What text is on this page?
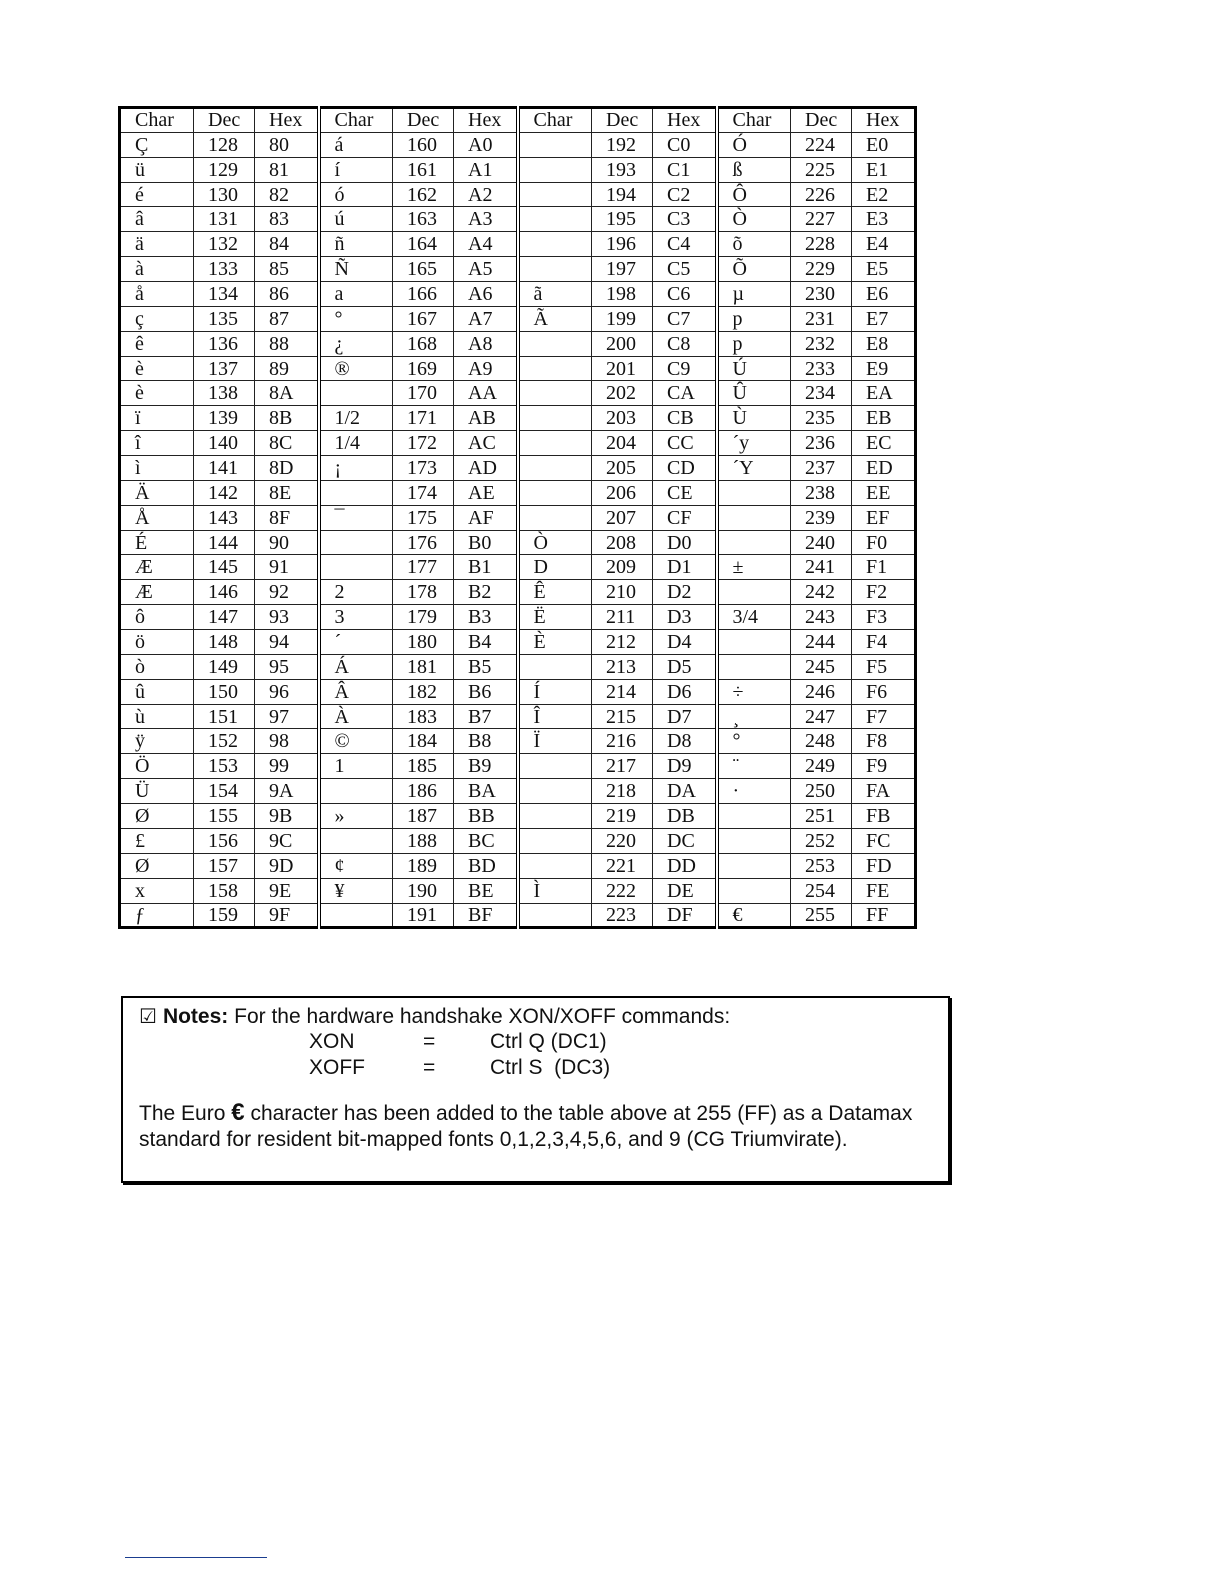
Char	Dec	Hex	Char	Dec	Hex	Char	Dec	Hex	Char	Dec	Hex
Ç	128	80	á	160	A0		192	C0	Ó	224	E0
ü	129	81	í	161	A1		193	C1	ß	225	E1
é	130	82	ó	162	A2		194	C2	Ô	226	E2
â	131	83	ú	163	A3		195	C3	Ò	227	E3
ä	132	84	ñ	164	A4		196	C4	õ	228	E4
à	133	85	Ñ	165	A5		197	C5	Õ	229	E5
å	134	86	a	166	A6	ã	198	C6	µ	230	E6
ç	135	87	°	167	A7	Ã	199	C7	p	231	E7
ê	136	88	¿	168	A8		200	C8	p	232	E8
è	137	89	®	169	A9		201	C9	Ú	233	E9
è	138	8A		170	AA		202	CA	Û	234	EA
ï	139	8B	1/2	171	AB		203	CB	Ù	235	EB
î	140	8C	1/4	172	AC		204	CC	´y	236	EC
ì	141	8D	¡	173	AD		205	CD	´Y	237	ED
Ä	142	8E		174	AE		206	CE		238	EE
Å	143	8F	¯	175	AF		207	CF		239	EF
É	144	90		176	B0	Ò	208	D0		240	F0
Æ	145	91		177	B1	D	209	D1	±	241	F1
Æ	146	92	2	178	B2	Ê	210	D2		242	F2
ô	147	93	3	179	B3	Ë	211	D3	3/4	243	F3
ö	148	94	´	180	B4	È	212	D4		244	F4
ò	149	95	Á	181	B5		213	D5		245	F5
û	150	96	Â	182	B6	Í	214	D6	÷	246	F6
ù	151	97	À	183	B7	Î	215	D7	¸	247	F7
ÿ	152	98	©	184	B8	Ï	216	D8	°	248	F8
Ö	153	99	1	185	B9		217	D9	¨	249	F9
Ü	154	9A		186	BA		218	DA	·	250	FA
Ø	155	9B	»	187	BB		219	DB		251	FB
£	156	9C		188	BC		220	DC		252	FC
Ø	157	9D	¢	189	BD		221	DD		253	FD
x	158	9E	¥	190	BE	Ì	222	DE		254	FE
ƒ	159	9F		191	BF		223	DF	€	255	FF
☑ Notes: For the hardware handshake XON/XOFF commands:
XON	=	Ctrl Q (DC1)
XOFF	=	Ctrl S  (DC3)
The Euro € character has been added to the table above at 255 (FF) as a Datamax standard for resident bit-mapped fonts 0,1,2,3,4,5,6, and 9 (CG Triumvirate).
